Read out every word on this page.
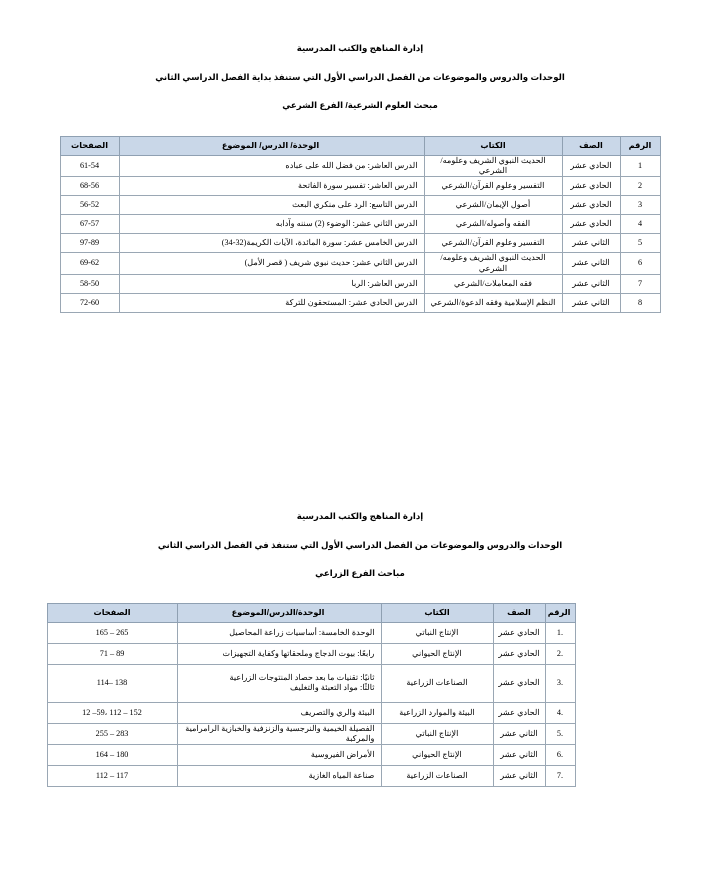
إدارة المناهج والكتب المدرسية

الوحدات والدروس والموضوعات من الفصل الدراسي الأول التي ستنفذ بداية الفصل الدراسي الثاني

مبحث العلوم الشرعية/ الفرع الشرعي

الرقم	الصف	الكتاب	الوحدة/ الدرس/ الموضوع	الصفحات
1	الحادي عشر	الحديث النبوي الشريف وعلومه/الشرعي	الدرس العاشر: من فضل الله على عباده	61-54
2	الحادي عشر	التفسير وعلوم القرآن/الشرعي	الدرس العاشر: تفسير سورة الفاتحة	68-56
3	الحادي عشر	أصول الإيمان/الشرعي	الدرس التاسع: الرد على منكري البعث	56-52
4	الحادي عشر	الفقه وأصوله/الشرعي	الدرس الثاني عشر: الوضوء (2) سننه وآدابه	67-57
5	الثاني عشر	التفسير وعلوم القرآن/الشرعي	الدرس الخامس عشر: سورة المائدة، الآيات الكريمة(32-34)	97-89
6	الثاني عشر	الحديث النبوي الشريف وعلومه/الشرعي	الدرس الثاني عشر: حديث نبوي شريف ( قصر الأمل)	69-62
7	الثاني عشر	فقه المعاملات/الشرعي	الدرس العاشر: الربا	58-50
8	الثاني عشر	النظم الإسلامية وفقه الدعوة/الشرعي	الدرس الحادي عشر: المستحقون للتركة	72-60

إدارة المناهج والكتب المدرسية

الوحدات والدروس والموضوعات من الفصل الدراسي الأول التي ستنفذ في الفصل الدراسي الثاني

مباحث الفرع الزراعي

الرقم	الصف	الكتاب	الوحدة/الدرس/الموضوع	الصفحات
.1	الحادي عشر	الإنتاج النباتي	الوحدة الخامسة: أساسيات زراعة المحاصيل	265 – 165
.2	الحادي عشر	الإنتاج الحيواني	رابعًا: بيوت الدجاج وملحقاتها وكفاية التجهيزات	89 – 71
.3	الحادي عشر	الصناعات الزراعية	ثانيًا: تقنيات ما بعد حصاد المنتوجات الزراعية
ثالثًا: مواد التعبئة والتغليف	138 –114
.4	الحادي عشر	البيئة والموارد الزراعية	البيئة والري والتصريف	152 – 112 ،59– 12
.5	الثاني عشر	الإنتاج النباتي	الفصيلة الخيمية والنرجسية والزنزفية والخبازية الرامرامية والمركبة	283 – 255
.6	الثاني عشر	الإنتاج الحيواني	الأمراض الفيروسية	180 – 164
.7	الثاني عشر	الصناعات الزراعية	صناعة المياه الغازية	117 – 112
